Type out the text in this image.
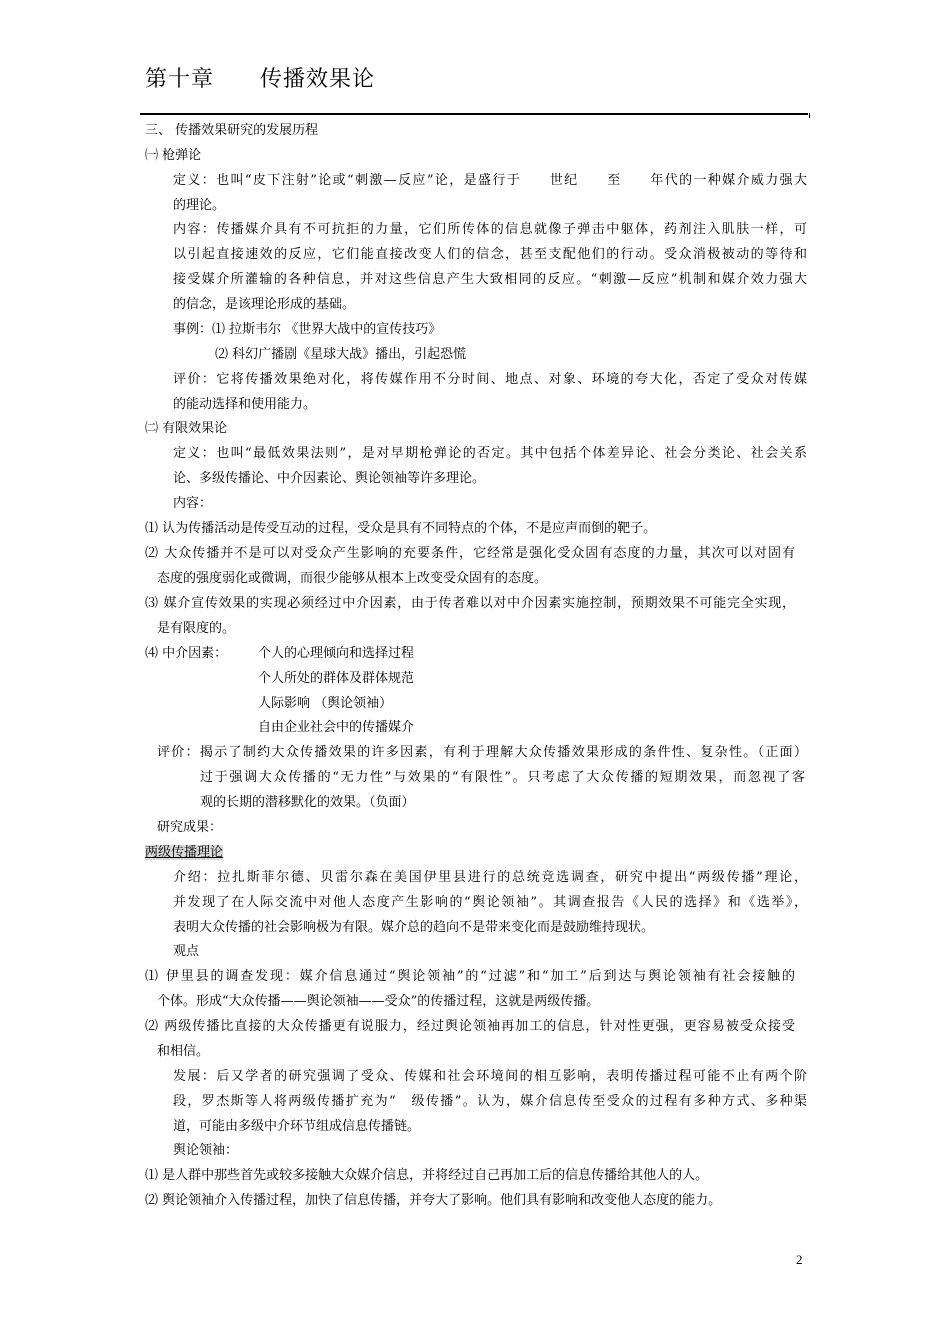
第十章　　传播效果论
三、 传播效果研究的发展历程
㈠ 枪弹论
定义：也叫“皮下注射”论或“刺激—反应”论，是盛行于　　世纪　　至　　年代的一种媒介威力强大
的理论。
内容：传播媒介具有不可抗拒的力量，它们所传体的信息就像子弹击中躯体，药剂注入肌肤一样，可
以引起直接速效的反应，它们能直接改变人们的信念，甚至支配他们的行动。受众消极被动的等待和
接受媒介所灌输的各种信息，并对这些信息产生大致相同的反应。“刺激—反应”机制和媒介效力强大
的信念，是该理论形成的基础。
事例：⑴ 拉斯韦尔 《世界大战中的宣传技巧》
⑵ 科幻广播剧《星球大战》播出，引起恐慌
评价：它将传播效果绝对化，将传媒作用不分时间、地点、对象、环境的夸大化，否定了受众对传媒
的能动选择和使用能力。
㈡ 有限效果论
定义：也叫“最低效果法则”，是对早期枪弹论的否定。其中包括个体差异论、社会分类论、社会关系
论、多级传播论、中介因素论、舆论领袖等许多理论。
内容：
⑴ 认为传播活动是传受互动的过程，受众是具有不同特点的个体，不是应声而倒的靶子。
⑵ 大众传播并不是可以对受众产生影响的充要条件，它经常是强化受众固有态度的力量，其次可以对固有
态度的强度弱化或微调，而很少能够从根本上改变受众固有的态度。
⑶ 媒介宣传效果的实现必须经过中介因素，由于传者难以对中介因素实施控制，预期效果不可能完全实现，
是有限度的。
⑷ 中介因素： 个人的心理倾向和选择过程
个人所处的群体及群体规范
人际影响 （舆论领袖）
自由企业社会中的传播媒介
评价：揭示了制约大众传播效果的许多因素，有利于理解大众传播效果形成的条件性、复杂性。（正面）
过于强调大众传播的“无力性”与效果的“有限性”。只考虑了大众传播的短期效果，而忽视了客
观的长期的潜移默化的效果。（负面）
研究成果：
两级传播理论
介绍：拉扎斯菲尔德、贝雷尔森在美国伊里县进行的总统竞选调查，研究中提出“两级传播”理论，
并发现了在人际交流中对他人态度产生影响的“舆论领袖”。其调查报告《人民的选择》和《选举》，
表明大众传播的社会影响极为有限。媒介总的趋向不是带来变化而是鼓励维持现状。
观点
⑴ 伊里县的调查发现：媒介信息通过“舆论领袖”的“过滤”和“加工”后到达与舆论领袖有社会接触的
个体。形成“大众传播——舆论领袖——受众”的传播过程，这就是两级传播。
⑵ 两级传播比直接的大众传播更有说服力，经过舆论领袖再加工的信息，针对性更强，更容易被受众接受
和相信。
发展：后又学者的研究强调了受众、传媒和社会环境间的相互影响，表明传播过程可能不止有两个阶
段，罗杰斯等人将两级传播扩充为“　级传播”。认为，媒介信息传至受众的过程有多种方式、多种渠
道，可能由多级中介环节组成信息传播链。
舆论领袖：
⑴ 是人群中那些首先或较多接触大众媒介信息，并将经过自己再加工后的信息传播给其他人的人。
⑵ 舆论领袖介入传播过程，加快了信息传播，并夸大了影响。他们具有影响和改变他人态度的能力。
2
